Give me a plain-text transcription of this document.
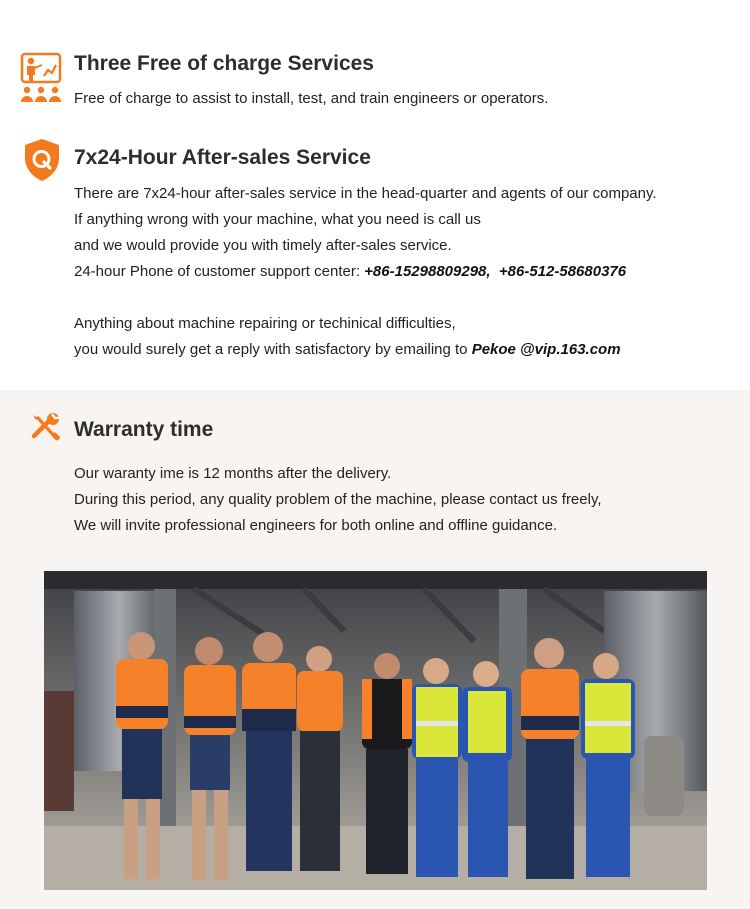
Three Free of charge Services
Free of charge to assist to install, test, and train engineers or operators.
7x24-Hour After-sales Service
There are 7x24-hour after-sales service in the head-quarter and agents of our company.
If anything wrong with your machine, what you need is call us
and we would provide you with timely after-sales service.
24-hour Phone of customer support center: +86-15298809298, +86-512-58680376
Anything about machine repairing or techinical difficulties,
you would surely get a reply with satisfactory by emailing to Pekoe @vip.163.com
Warranty time
Our waranty ime is 12 months after the delivery.
During this period, any quality problem of the machine, please contact us freely,
We will invite professional engineers for both online and offline guidance.
